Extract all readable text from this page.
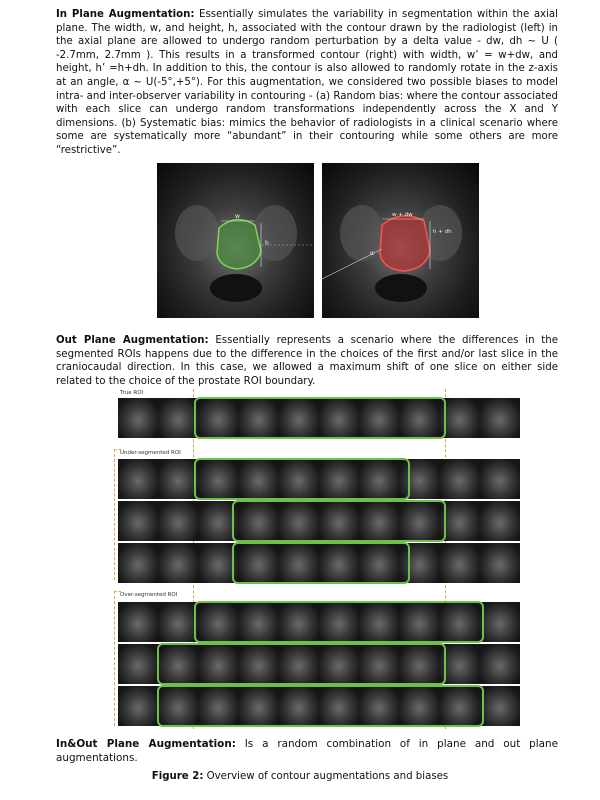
In Plane Augmentation: Essentially simulates the variability in segmentation within the axial plane. The width, w, and height, h, associated with the contour drawn by the radiologist (left) in the axial plane are allowed to undergo random perturbation by a delta value - dw, dh ~ U ( -2.7mm, 2.7mm ). This results in a transformed contour (right) with width, w’ = w+dw, and height, h’ =h+dh. In addition to this, the contour is also allowed to randomly rotate in the z-axis at an angle, α ~ U(-5°,+5°). For this augmentation, we considered two possible biases to model intra- and inter-observer variability in contouring - (a) Random bias: where the contour associated with each slice can undergo random transformations independently across the X and Y dimensions. (b) Systematic bias: mimics the behavior of radiologists in a clinical scenario where some are systematically more “abundant” in their contouring while some others are more “restrictive”.

w
h
w + dw
h + dh
α

Out Plane Augmentation: Essentially represents a scenario where the differences in the segmented ROIs happens due to the difference in the choices of the first and/or last slice in the craniocaudal direction. In this case, we allowed a maximum shift of one slice on either side related to the choice of the prostate ROI boundary.

True ROI
Under-segmented ROI
Over-segmented ROI

In&Out Plane Augmentation: Is a random combination of in plane and out plane augmentations.

Figure 2: Overview of contour augmentations and biases
